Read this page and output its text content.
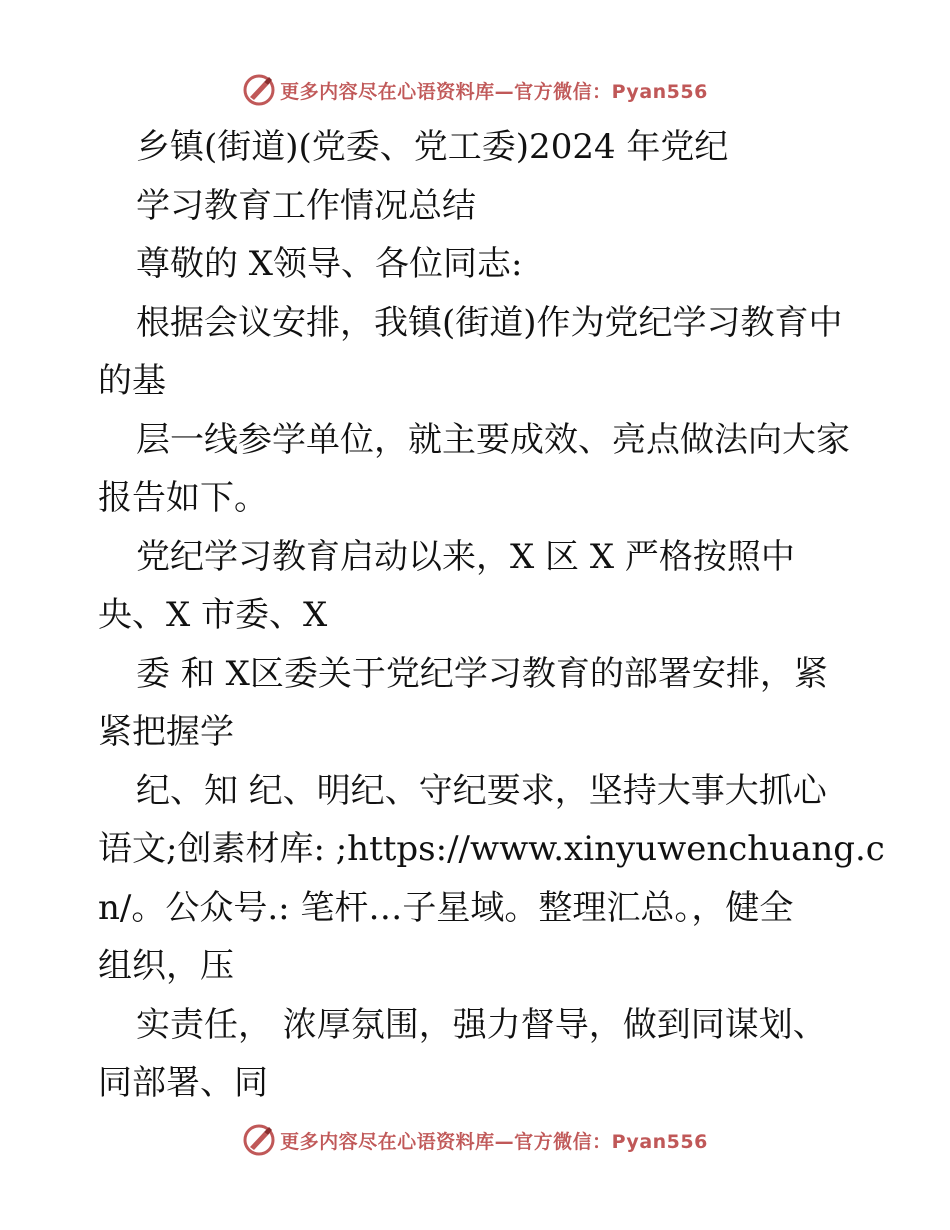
更多内容尽在心语资料库—官方微信：Pyan556

乡镇(街道)(党委、党工委)2024 年党纪

学习教育工作情况总结

尊敬的 X领导、各位同志:

根据会议安排，我镇(街道)作为党纪学习教育中

的基

层一线参学单位，就主要成效、亮点做法向大家

报告如下。

党纪学习教育启动以来，X 区 X 严格按照中

央、X 市委、X

委 和 X区委关于党纪学习教育的部署安排，紧

紧把握学

纪、知 纪、明纪、守纪要求，坚持大事大抓心

语文;创素材库: ;https://www.xinyuwenchuang.c

n/。公众号.: 笔杆…子星域。整理汇总。，健全

组织，压

实责任， 浓厚氛围，强力督导，做到同谋划、

同部署、同

更多内容尽在心语资料库—官方微信：Pyan556
